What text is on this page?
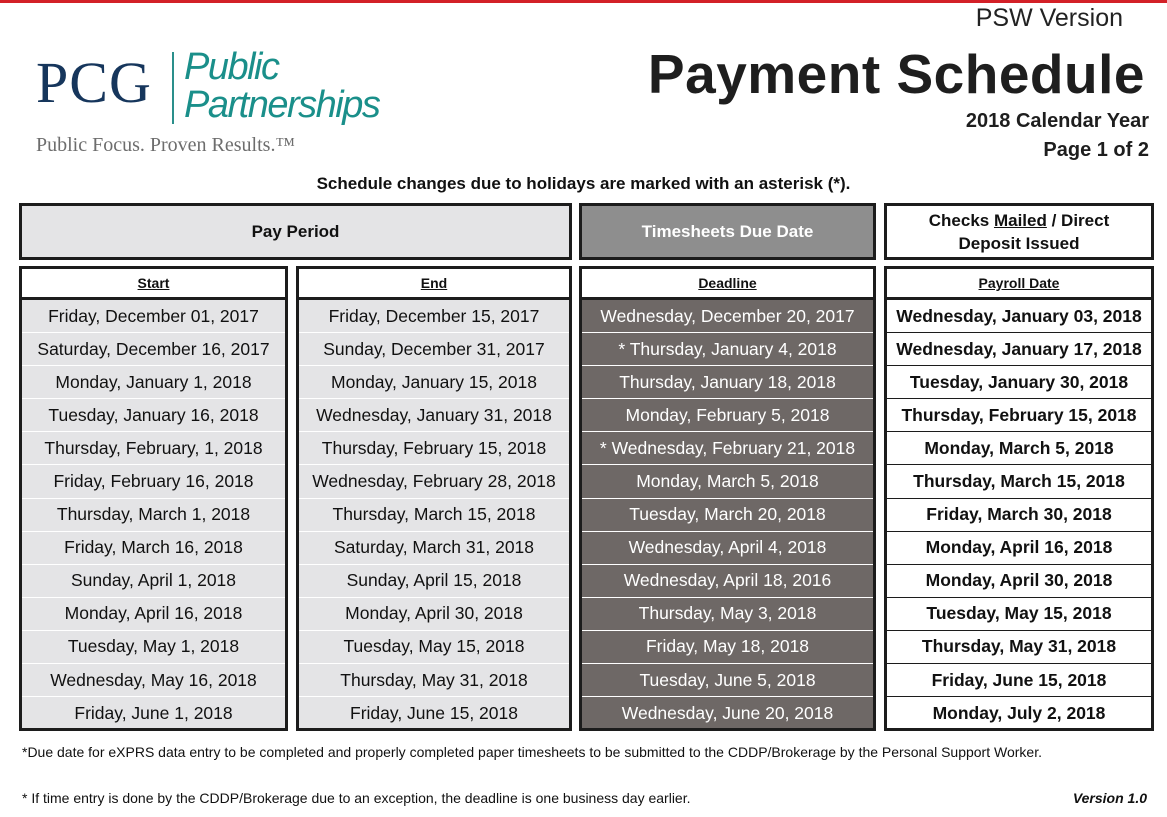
PCG Public
Partnerships
Public Focus. Proven Results.™
PSW Version
Payment Schedule
2018 Calendar Year
Page 1 of 2
Schedule changes due to holidays are marked with an asterisk (*).
Pay Period	Timesheets Due Date
Checks Mailed / Direct
Deposit Issued
Start
Friday, December 01, 2017
Saturday, December 16, 2017
Monday, January 1, 2018
Tuesday, January 16, 2018
Thursday, February, 1, 2018
Friday, February 16, 2018
Thursday, March 1, 2018
Friday, March 16, 2018
Sunday, April 1, 2018
Monday, April 16, 2018
Tuesday, May 1, 2018
Wednesday, May 16, 2018
Friday, June 1, 2018
End
Friday, December 15, 2017
Sunday, December 31, 2017
Monday, January 15, 2018
Wednesday, January 31, 2018
Thursday, February 15, 2018
Wednesday, February 28, 2018
Thursday, March 15, 2018
Saturday, March 31, 2018
Sunday, April 15, 2018
Monday, April 30, 2018
Tuesday, May 15, 2018
Thursday, May 31, 2018
Friday, June 15, 2018
Deadline
Wednesday, December 20, 2017
* Thursday, January 4, 2018
Thursday, January 18, 2018
Monday, February 5, 2018
* Wednesday, February 21, 2018
Monday, March 5, 2018
Tuesday, March 20, 2018
Wednesday, April 4, 2018
Wednesday, April 18, 2016
Thursday, May 3, 2018
Friday, May 18, 2018
Tuesday, June 5, 2018
Wednesday, June 20, 2018
Payroll Date
Wednesday, January 03, 2018
Wednesday, January 17, 2018
Tuesday, January 30, 2018
Thursday, February 15, 2018
Monday, March 5, 2018
Thursday, March 15, 2018
Friday, March 30, 2018
Monday, April 16, 2018
Monday, April 30, 2018
Tuesday, May 15, 2018
Thursday, May 31, 2018
Friday, June 15, 2018
Monday, July 2, 2018
*Due date for eXPRS data entry to be completed and properly completed paper timesheets to be submitted to the CDDP/Brokerage by the Personal Support Worker.
* If time entry is done by the CDDP/Brokerage due to an exception, the deadline is one business day earlier.	Version 1.0
